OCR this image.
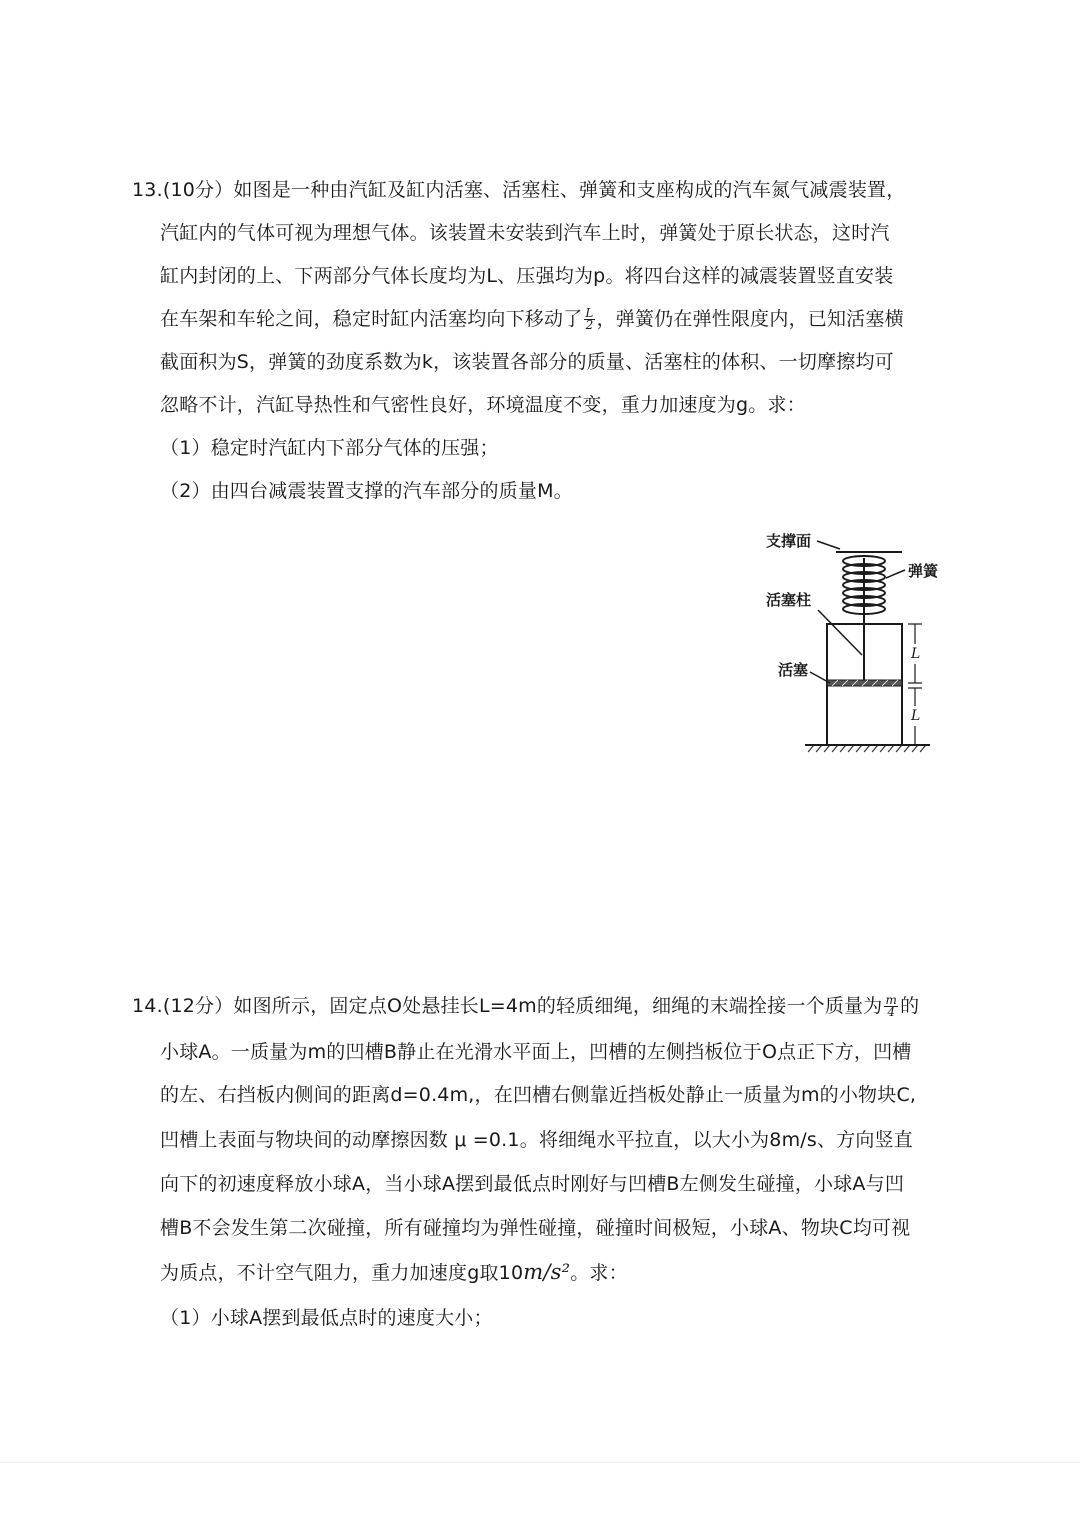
13.(10分）如图是一种由汽缸及缸内活塞、活塞柱、弹簧和支座构成的汽车氮气减震装置，
汽缸内的气体可视为理想气体。该装置未安装到汽车上时，弹簧处于原长状态，这时汽
缸内封闭的上、下两部分气体长度均为L、压强均为p。将四台这样的减震装置竖直安装
在车架和车轮之间，稳定时缸内活塞均向下移动了 $\frac{L}{2}$ ，弹簧仍在弹性限度内，已知活塞横
截面积为S，弹簧的劲度系数为k，该装置各部分的质量、活塞柱的体积、一切摩擦均可
忽略不计，汽缸导热性和气密性良好，环境温度不变，重力加速度为g。求：
（1）稳定时汽缸内下部分气体的压强；
（2）由四台减震装置支撑的汽车部分的质量M。
支撑面
弹簧
活塞柱
活塞
L
L
14.(12分）如图所示，固定点O处悬挂长L=4m的轻质细绳，细绳的末端拴接一个质量为 $\frac{m}{4}$ 的
小球A。一质量为m的凹槽B静止在光滑水平面上，凹槽的左侧挡板位于O点正下方，凹槽
的左、右挡板内侧间的距离d=0.4m,，在凹槽右侧靠近挡板处静止一质量为m的小物块C,
凹槽上表面与物块间的动摩擦因数 μ =0.1。将细绳水平拉直，以大小为8m/s、方向竖直
向下的初速度释放小球A，当小球A摆到最低点时刚好与凹槽B左侧发生碰撞，小球A与凹
槽B不会发生第二次碰撞，所有碰撞均为弹性碰撞，碰撞时间极短，小球A、物块C均可视
为质点，不计空气阻力，重力加速度g取10m/s²。求：
（1）小球A摆到最低点时的速度大小；
